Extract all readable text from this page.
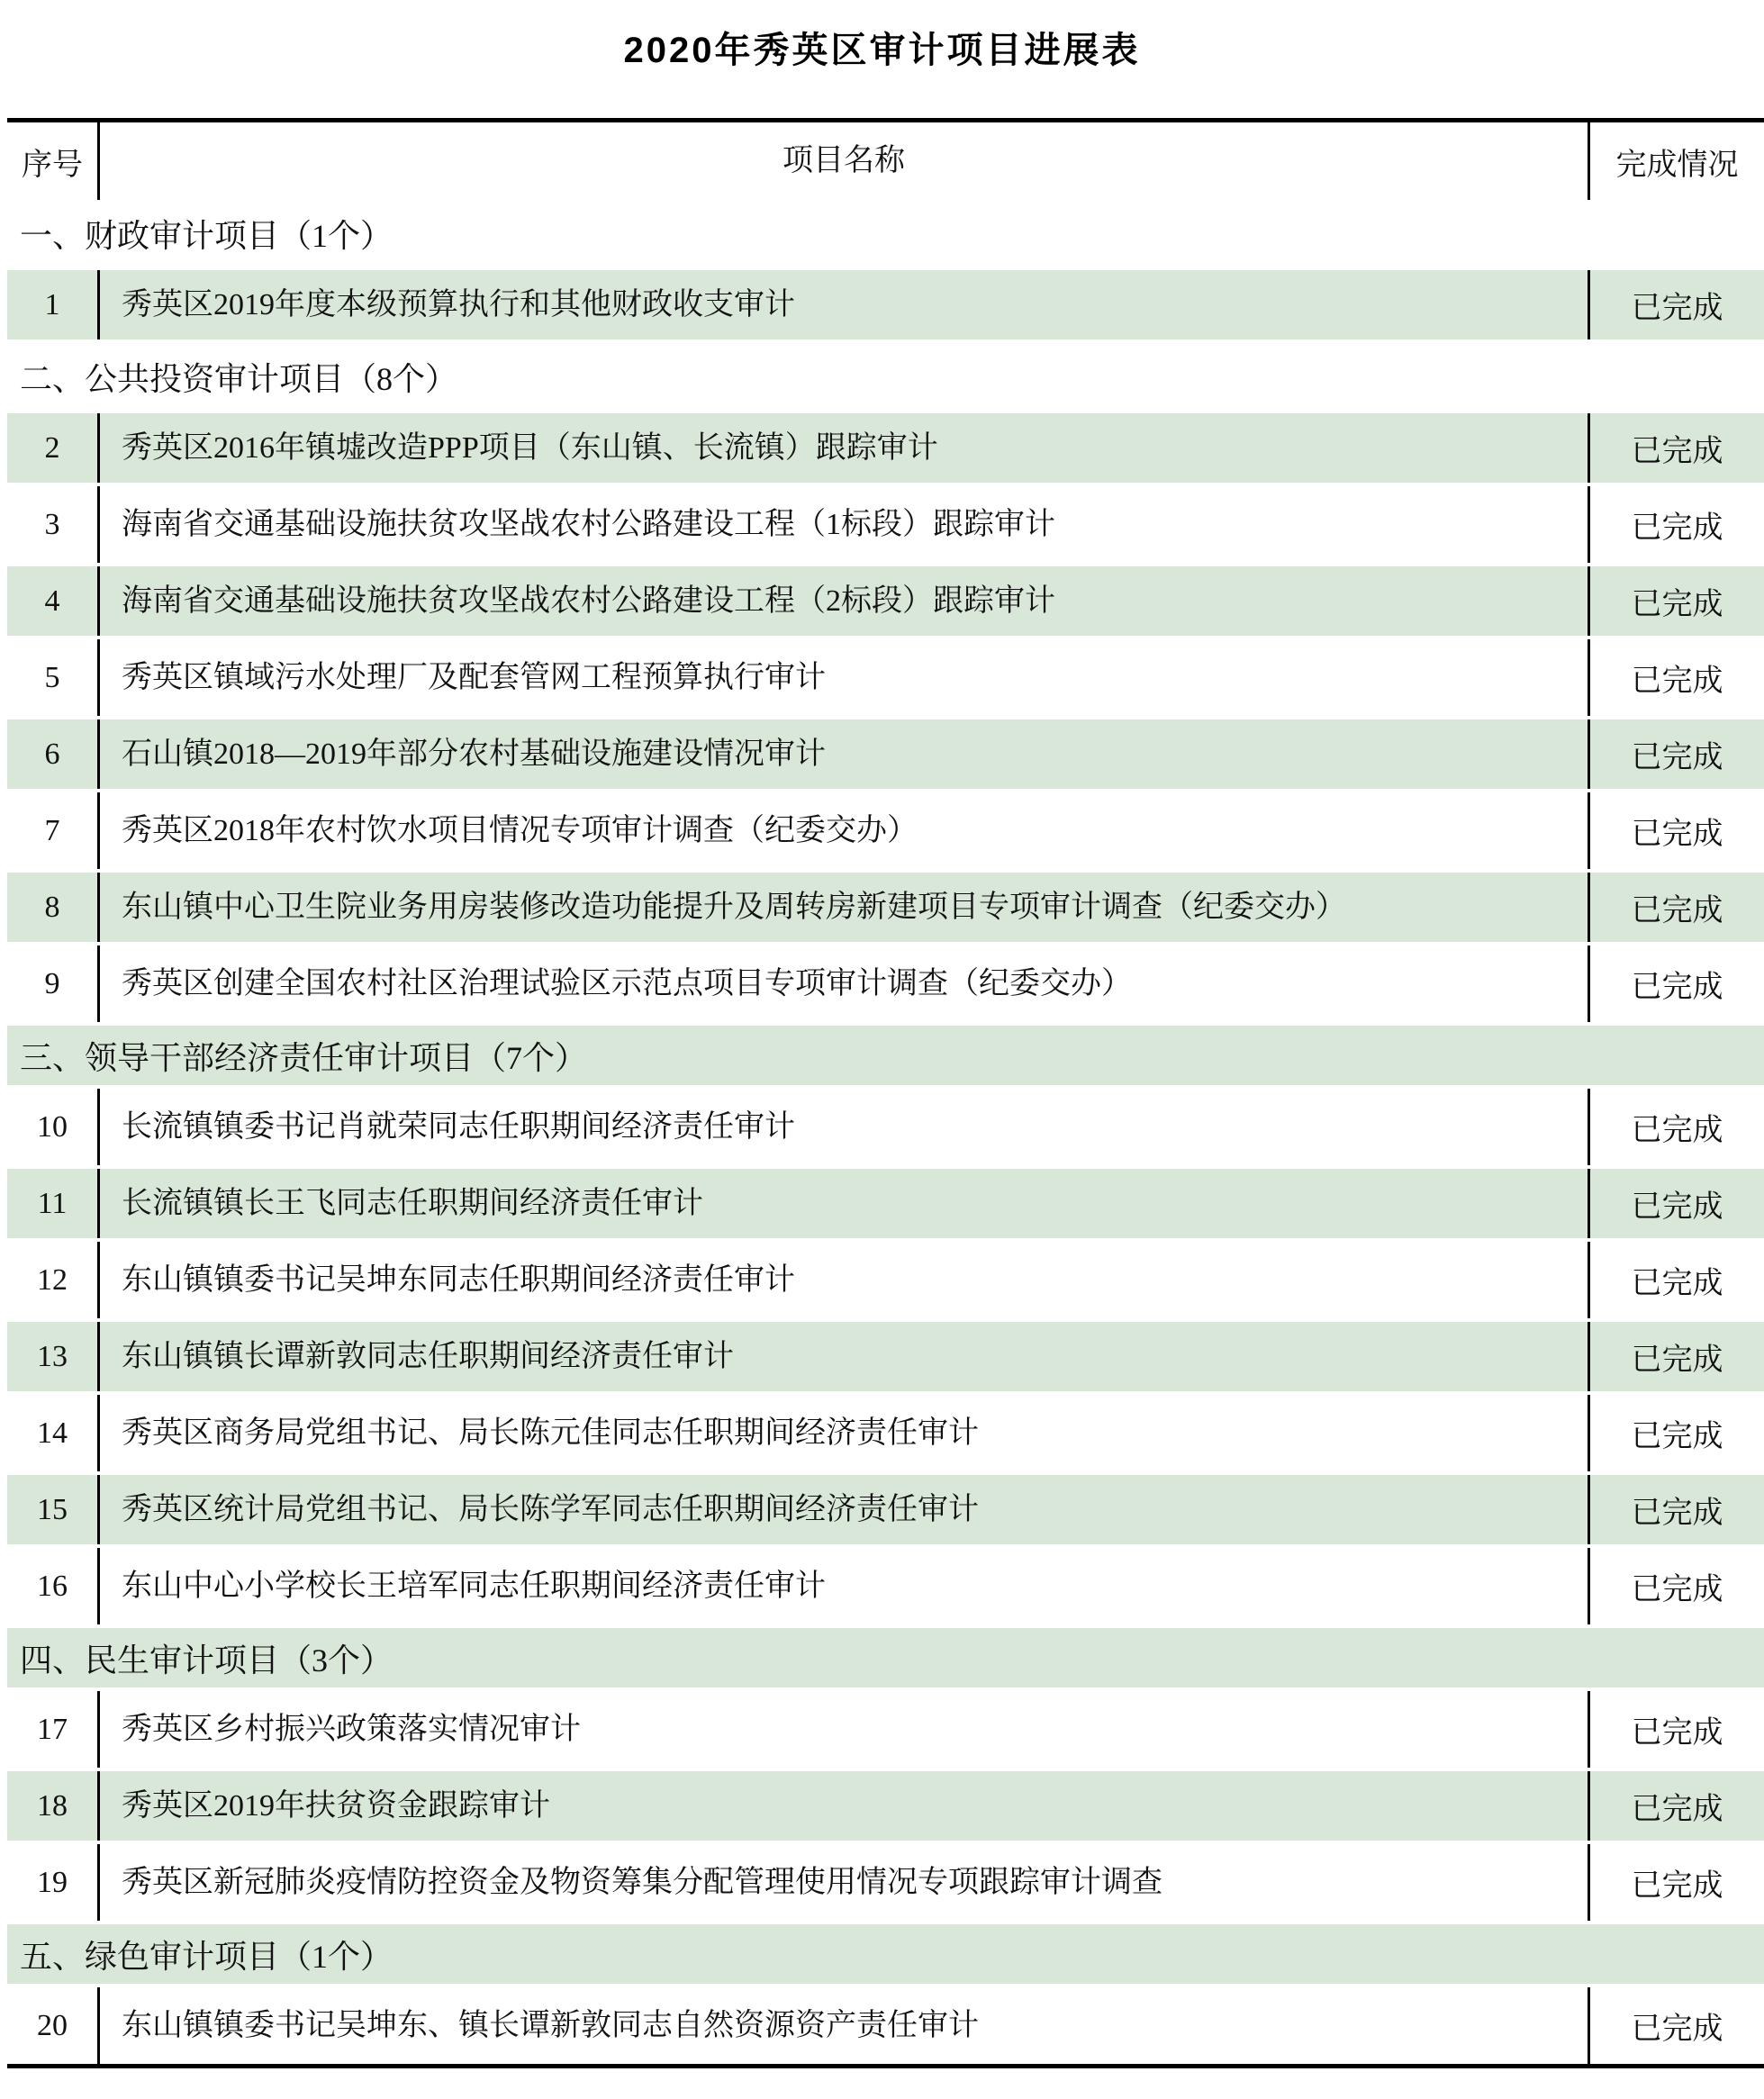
2020年秀英区审计项目进展表
序号	项目名称	完成情况
一、财政审计项目（1个）
1	秀英区2019年度本级预算执行和其他财政收支审计	已完成
二、公共投资审计项目（8个）
2	秀英区2016年镇墟改造PPP项目（东山镇、长流镇）跟踪审计	已完成
3	海南省交通基础设施扶贫攻坚战农村公路建设工程（1标段）跟踪审计	已完成
4	海南省交通基础设施扶贫攻坚战农村公路建设工程（2标段）跟踪审计	已完成
5	秀英区镇域污水处理厂及配套管网工程预算执行审计	已完成
6	石山镇2018—2019年部分农村基础设施建设情况审计	已完成
7	秀英区2018年农村饮水项目情况专项审计调查（纪委交办）	已完成
8	东山镇中心卫生院业务用房装修改造功能提升及周转房新建项目专项审计调查（纪委交办）	已完成
9	秀英区创建全国农村社区治理试验区示范点项目专项审计调查（纪委交办）	已完成
三、领导干部经济责任审计项目（7个）
10	长流镇镇委书记肖就荣同志任职期间经济责任审计	已完成
11	长流镇镇长王飞同志任职期间经济责任审计	已完成
12	东山镇镇委书记吴坤东同志任职期间经济责任审计	已完成
13	东山镇镇长谭新敦同志任职期间经济责任审计	已完成
14	秀英区商务局党组书记、局长陈元佳同志任职期间经济责任审计	已完成
15	秀英区统计局党组书记、局长陈学军同志任职期间经济责任审计	已完成
16	东山中心小学校长王培军同志任职期间经济责任审计	已完成
四、民生审计项目（3个）
17	秀英区乡村振兴政策落实情况审计	已完成
18	秀英区2019年扶贫资金跟踪审计	已完成
19	秀英区新冠肺炎疫情防控资金及物资筹集分配管理使用情况专项跟踪审计调查	已完成
五、绿色审计项目（1个）
20	东山镇镇委书记吴坤东、镇长谭新敦同志自然资源资产责任审计	已完成
